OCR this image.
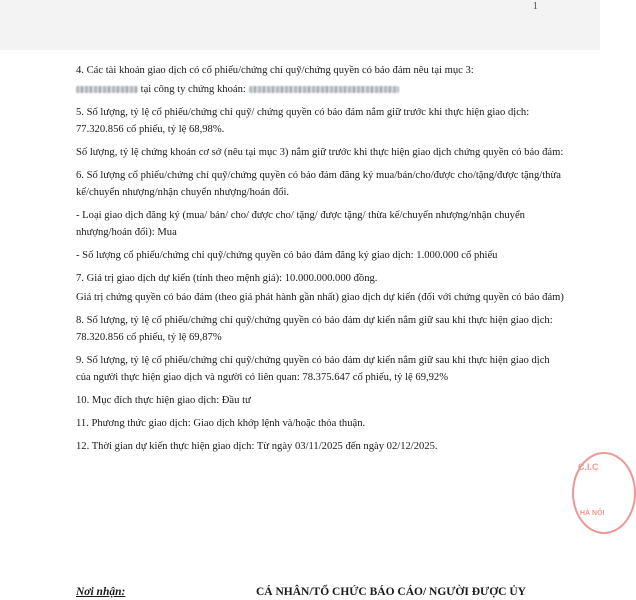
1

4. Các tài khoản giao dịch có cổ phiếu/chứng chỉ quỹ/chứng quyền có bảo đảm nêu tại mục 3:

tại công ty chứng khoán:

5. Số lượng, tỷ lệ cổ phiếu/chứng chỉ quỹ/ chứng quyền có bảo đảm nắm giữ trước khi thực hiện giao dịch: 77.320.856 cổ phiếu, tỷ lệ 68,98%.

Số lượng, tỷ lệ chứng khoán cơ sở (nêu tại mục 3) nắm giữ trước khi thực hiện giao dịch chứng quyền có bảo đảm:

6. Số lượng cổ phiếu/chứng chỉ quỹ/chứng quyền có bảo đảm đăng ký mua/bán/cho/được cho/tặng/được tặng/thừa kế/chuyển nhượng/nhận chuyển nhượng/hoán đổi.

- Loại giao dịch đăng ký (mua/ bán/ cho/ được cho/ tặng/ được tặng/ thừa kế/chuyển nhượng/nhận chuyển nhượng/hoán đổi): Mua

- Số lượng cổ phiếu/chứng chỉ quỹ/chứng quyền có bảo đảm đăng ký giao dịch: 1.000.000 cổ phiếu

7. Giá trị giao dịch dự kiến (tính theo mệnh giá): 10.000.000.000 đồng.

Giá trị chứng quyền có bảo đảm (theo giá phát hành gần nhất) giao dịch dự kiến (đối với chứng quyền có bảo đảm)

8. Số lượng, tỷ lệ cổ phiếu/chứng chỉ quỹ/chứng quyền có bảo đảm dự kiến nắm giữ sau khi thực hiện giao dịch: 78.320.856 cổ phiếu, tỷ lệ 69,87%

9. Số lượng, tỷ lệ cổ phiếu/chứng chỉ quỹ/chứng quyền có bảo đảm dự kiến nắm giữ sau khi thực hiện giao dịch của người thực hiện giao dịch và người có liên quan: 78.375.647 cổ phiếu, tỷ lệ 69,92%

10. Mục đích thực hiện giao dịch: Đầu tư

11. Phương thức giao dịch: Giao dịch khớp lệnh và/hoặc thỏa thuận.

12. Thời gian dự kiến thực hiện giao dịch: Từ ngày 03/11/2025 đến ngày 02/12/2025.

C.I.C
HÀ NỘI
Nơi nhận:	CÁ NHÂN/TỔ CHỨC BÁO CÁO/ NGƯỜI ĐƯỢC ỦY
